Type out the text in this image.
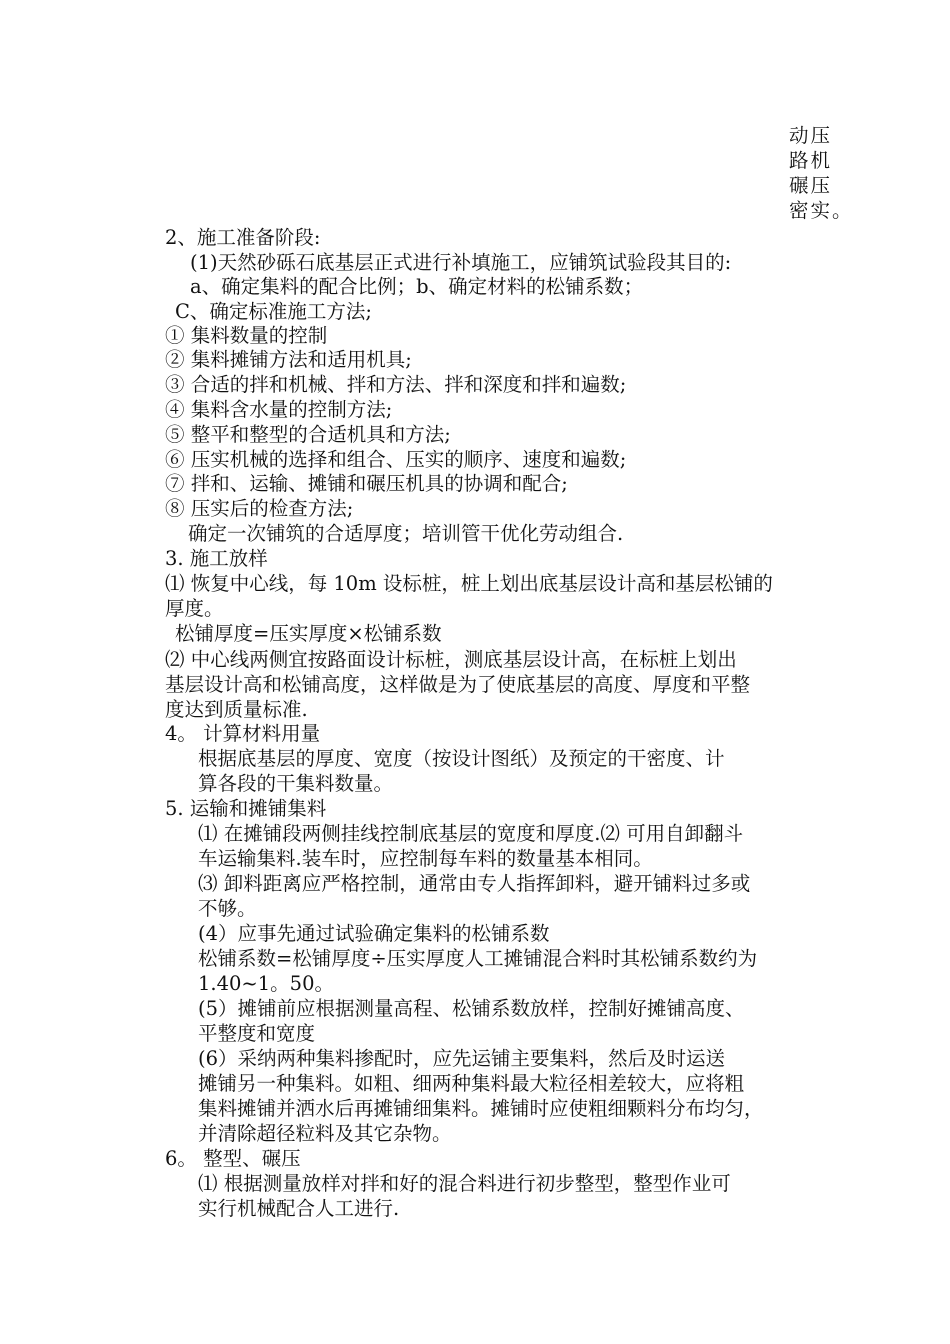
动压
路机
碾压
密实。
2、施工准备阶段:
(1)天然砂砾石底基层正式进行补填施工，应铺筑试验段其目的:
a、确定集料的配合比例；b、确定材料的松铺系数；
C、确定标准施工方法;
① 集料数量的控制
② 集料摊铺方法和适用机具;
③ 合适的拌和机械、拌和方法、拌和深度和拌和遍数;
④ 集料含水量的控制方法;
⑤ 整平和整型的合适机具和方法;
⑥ 压实机械的选择和组合、压实的顺序、速度和遍数;
⑦ 拌和、运输、摊铺和碾压机具的协调和配合;
⑧ 压实后的检查方法;
确定一次铺筑的合适厚度；培训管干优化劳动组合.
3. 施工放样
⑴ 恢复中心线，每 10m 设标桩，桩上划出底基层设计高和基层松铺的
厚度。
松铺厚度=压实厚度×松铺系数
⑵ 中心线两侧宜按路面设计标桩，测底基层设计高，在标桩上划出
基层设计高和松铺高度，这样做是为了使底基层的高度、厚度和平整
度达到质量标准.
4。 计算材料用量
根据底基层的厚度、宽度（按设计图纸）及预定的干密度、计
算各段的干集料数量。
5. 运输和摊铺集料
⑴ 在摊铺段两侧挂线控制底基层的宽度和厚度.⑵ 可用自卸翻斗
车运输集料.装车时，应控制每车料的数量基本相同。
⑶ 卸料距离应严格控制，通常由专人指挥卸料，避开铺料过多或
不够。
(4）应事先通过试验确定集料的松铺系数
松铺系数=松铺厚度÷压实厚度人工摊铺混合料时其松铺系数约为
1.40~1。50。
(5）摊铺前应根据测量高程、松铺系数放样，控制好摊铺高度、
平整度和宽度
(6）采纳两种集料掺配时，应先运铺主要集料，然后及时运送
摊铺另一种集料。如粗、细两种集料最大粒径相差较大，应将粗
集料摊铺并洒水后再摊铺细集料。摊铺时应使粗细颗料分布均匀，
并清除超径粒料及其它杂物。
6。 整型、碾压
⑴ 根据测量放样对拌和好的混合料进行初步整型，整型作业可
实行机械配合人工进行.
